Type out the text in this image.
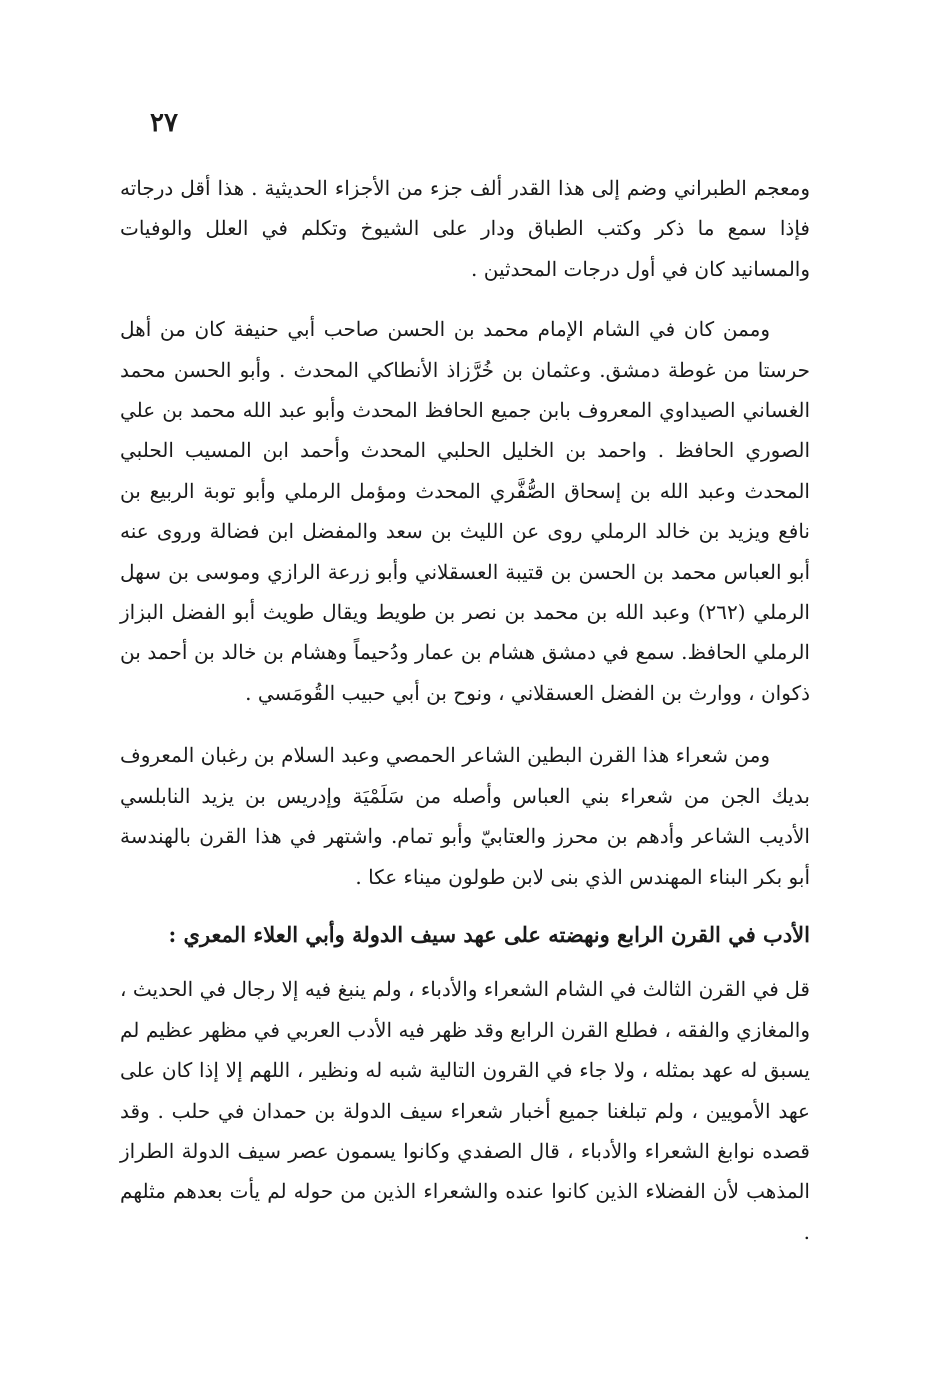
٢٧

ومعجم الطبراني وضم إلى هذا القدر ألف جزء من الأجزاء الحديثية . هذا أقل درجاته فإذا سمع ما ذكر وكتب الطباق ودار على الشيوخ وتكلم في العلل والوفيات والمسانيد كان في أول درجات المحدثين .

وممن كان في الشام الإمام محمد بن الحسن صاحب أبي حنيفة كان من أهل حرستا من غوطة دمشق. وعثمان بن خُرَّزاذ الأنطاكي المحدث . وأبو الحسن محمد الغساني الصيداوي المعروف بابن جميع الحافظ المحدث وأبو عبد الله محمد بن علي الصوري الحافظ . واحمد بن الخليل الحلبي المحدث وأحمد ابن المسيب الحلبي المحدث وعبد الله بن إسحاق الصُّفَّري المحدث ومؤمل الرملي وأبو توبة الربيع بن نافع ويزيد بن خالد الرملي روى عن الليث بن سعد والمفضل ابن فضالة وروى عنه أبو العباس محمد بن الحسن بن قتيبة العسقلاني وأبو زرعة الرازي وموسى بن سهل الرملي (٢٦٢) وعبد الله بن محمد بن نصر بن طويط ويقال طويث أبو الفضل البزاز الرملي الحافظ. سمع في دمشق هشام بن عمار ودُحيماً وهشام بن خالد بن أحمد بن ذكوان ، ووارث بن الفضل العسقلاني ، ونوح بن أبي حبيب القُومَسي .

ومن شعراء هذا القرن البطين الشاعر الحمصي وعبد السلام بن رغبان المعروف بديك الجن من شعراء بني العباس وأصله من سَلَمْيَة وإدريس بن يزيد النابلسي الأديب الشاعر وأدهم بن محرز والعتابيّ وأبو تمام. واشتهر في هذا القرن بالهندسة أبو بكر البناء المهندس الذي بنى لابن طولون ميناء عكا .

الأدب في القرن الرابع ونهضته على عهد سيف الدولة وأبي العلاء المعري :

قل في القرن الثالث في الشام الشعراء والأدباء ، ولم ينبغ فيه إلا رجال في الحديث ، والمغازي والفقه ، فطلع القرن الرابع وقد ظهر فيه الأدب العربي في مظهر عظيم لم يسبق له عهد بمثله ، ولا جاء في القرون التالية شبه له ونظير ، اللهم إلا إذا كان على عهد الأمويين ، ولم تبلغنا جميع أخبار شعراء سيف الدولة بن حمدان في حلب . وقد قصده نوابغ الشعراء والأدباء ، قال الصفدي وكانوا يسمون عصر سيف الدولة الطراز المذهب لأن الفضلاء الذين كانوا عنده والشعراء الذين من حوله لم يأت بعدهم مثلهم .
